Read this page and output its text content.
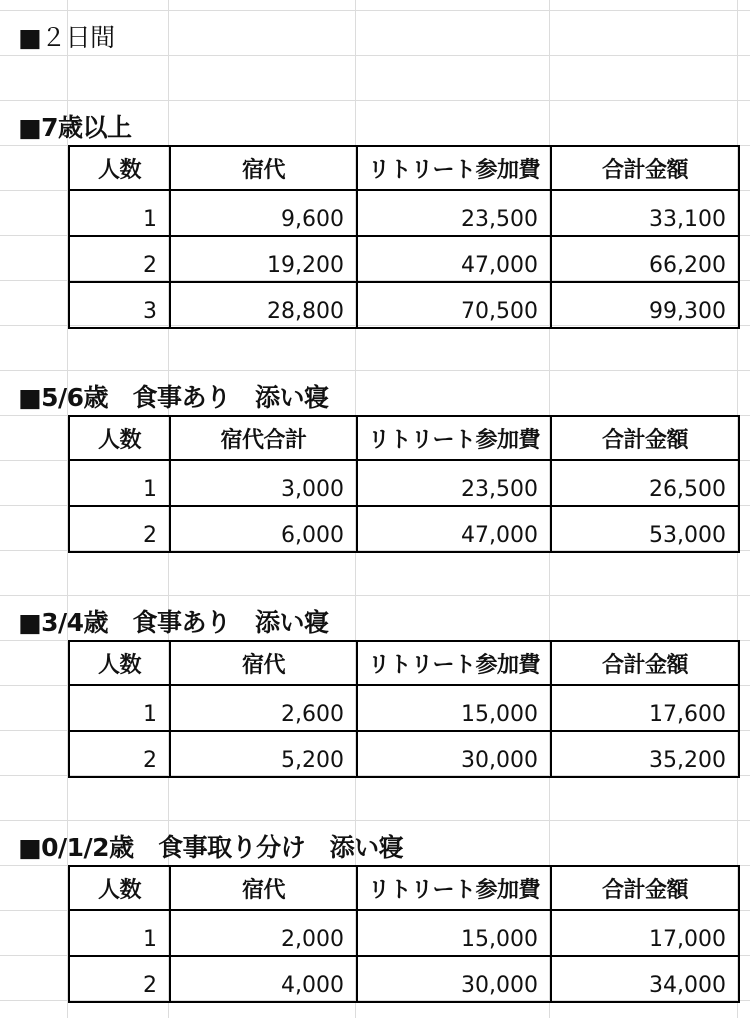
■２日間
■7歳以上
人数	宿代	リトリート参加費	合計金額
1	9,600	23,500	33,100
2	19,200	47,000	66,200
3	28,800	70,500	99,300
■5/6歳　食事あり　添い寝
人数	宿代合計	リトリート参加費	合計金額
1	3,000	23,500	26,500
2	6,000	47,000	53,000
■3/4歳　食事あり　添い寝
人数	宿代	リトリート参加費	合計金額
1	2,600	15,000	17,600
2	5,200	30,000	35,200
■0/1/2歳　食事取り分け　添い寝
人数	宿代	リトリート参加費	合計金額
1	2,000	15,000	17,000
2	4,000	30,000	34,000
